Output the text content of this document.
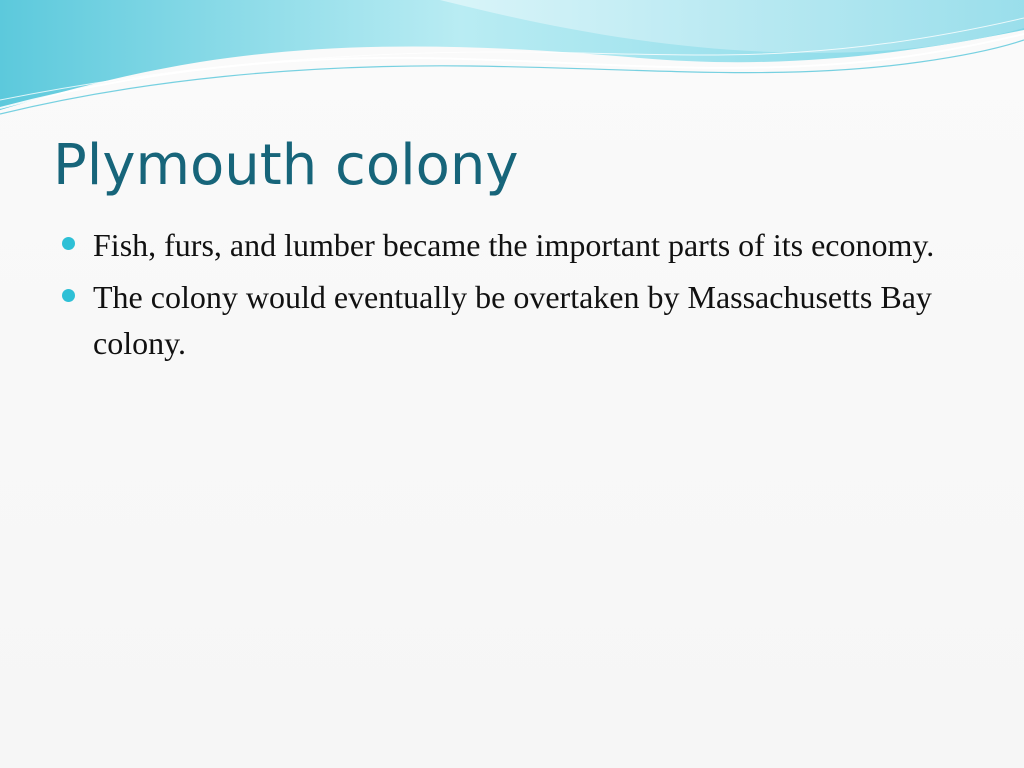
Plymouth colony
Fish, furs, and lumber became the important parts of its economy.
The colony would eventually be overtaken by Massachusetts Bay colony.
